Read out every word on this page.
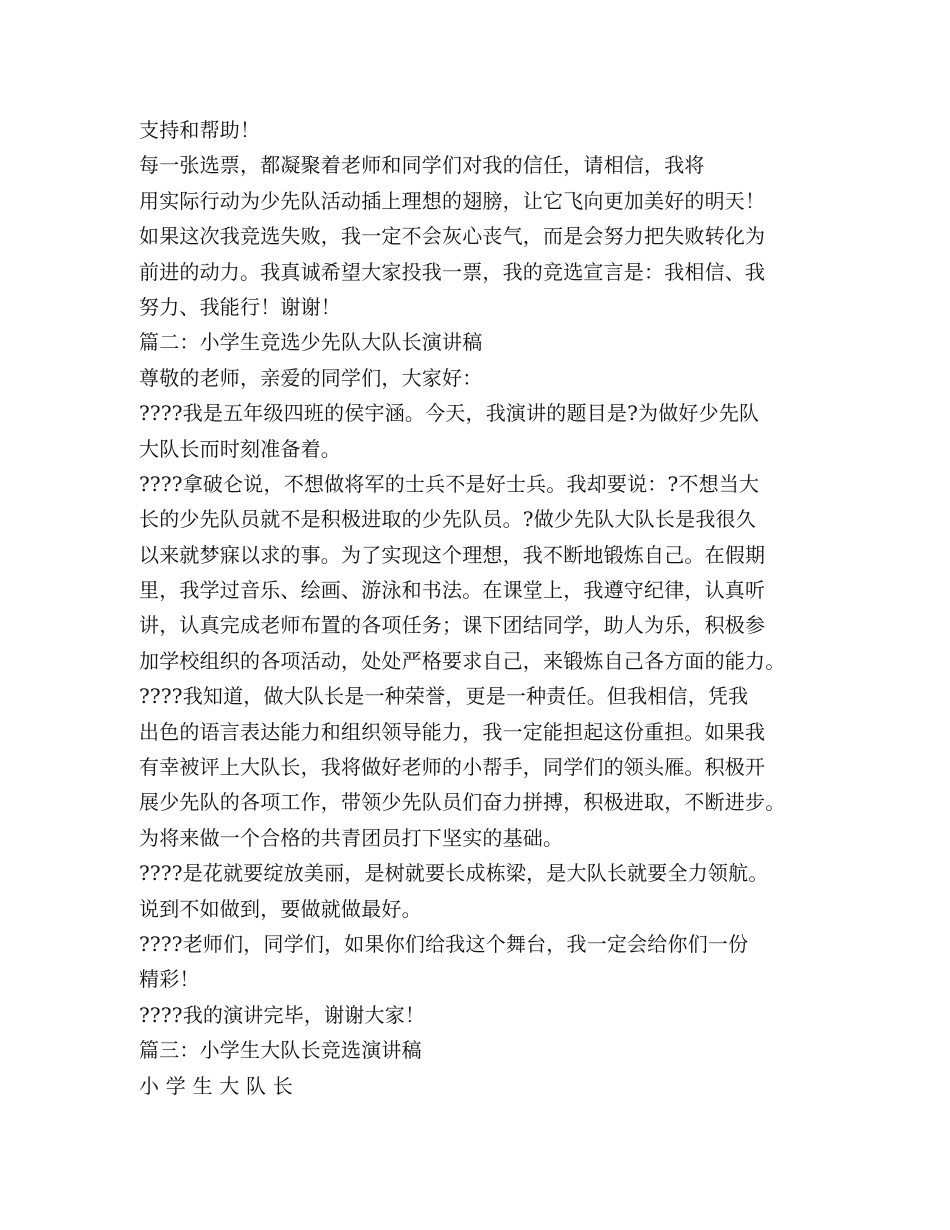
支持和帮助！
每一张选票，都凝聚着老师和同学们对我的信任，请相信，我将
用实际行动为少先队活动插上理想的翅膀，让它飞向更加美好的明天！
如果这次我竞选失败，我一定不会灰心丧气，而是会努力把失败转化为
前进的动力。我真诚希望大家投我一票，我的竞选宣言是：我相信、我
努力、我能行！谢谢！
篇二：小学生竞选少先队大队长演讲稿
尊敬的老师，亲爱的同学们，大家好：
????我是五年级四班的侯宇涵。今天，我演讲的题目是?为做好少先队
大队长而时刻准备着。
????拿破仑说，不想做将军的士兵不是好士兵。我却要说：?不想当大
长的少先队员就不是积极进取的少先队员。?做少先队大队长是我很久
以来就梦寐以求的事。为了实现这个理想，我不断地锻炼自己。在假期
里，我学过音乐、绘画、游泳和书法。在课堂上，我遵守纪律，认真听
讲，认真完成老师布置的各项任务；课下团结同学，助人为乐，积极参
加学校组织的各项活动，处处严格要求自己，来锻炼自己各方面的能力。
????我知道，做大队长是一种荣誉，更是一种责任。但我相信，凭我
出色的语言表达能力和组织领导能力，我一定能担起这份重担。如果我
有幸被评上大队长，我将做好老师的小帮手，同学们的领头雁。积极开
展少先队的各项工作，带领少先队员们奋力拼搏，积极进取，不断进步。
为将来做一个合格的共青团员打下坚实的基础。
????是花就要绽放美丽，是树就要长成栋梁，是大队长就要全力领航。
说到不如做到，要做就做最好。
????老师们，同学们，如果你们给我这个舞台，我一定会给你们一份
精彩！
????我的演讲完毕，谢谢大家！
篇三：小学生大队长竞选演讲稿
小 学 生 大 队 长
